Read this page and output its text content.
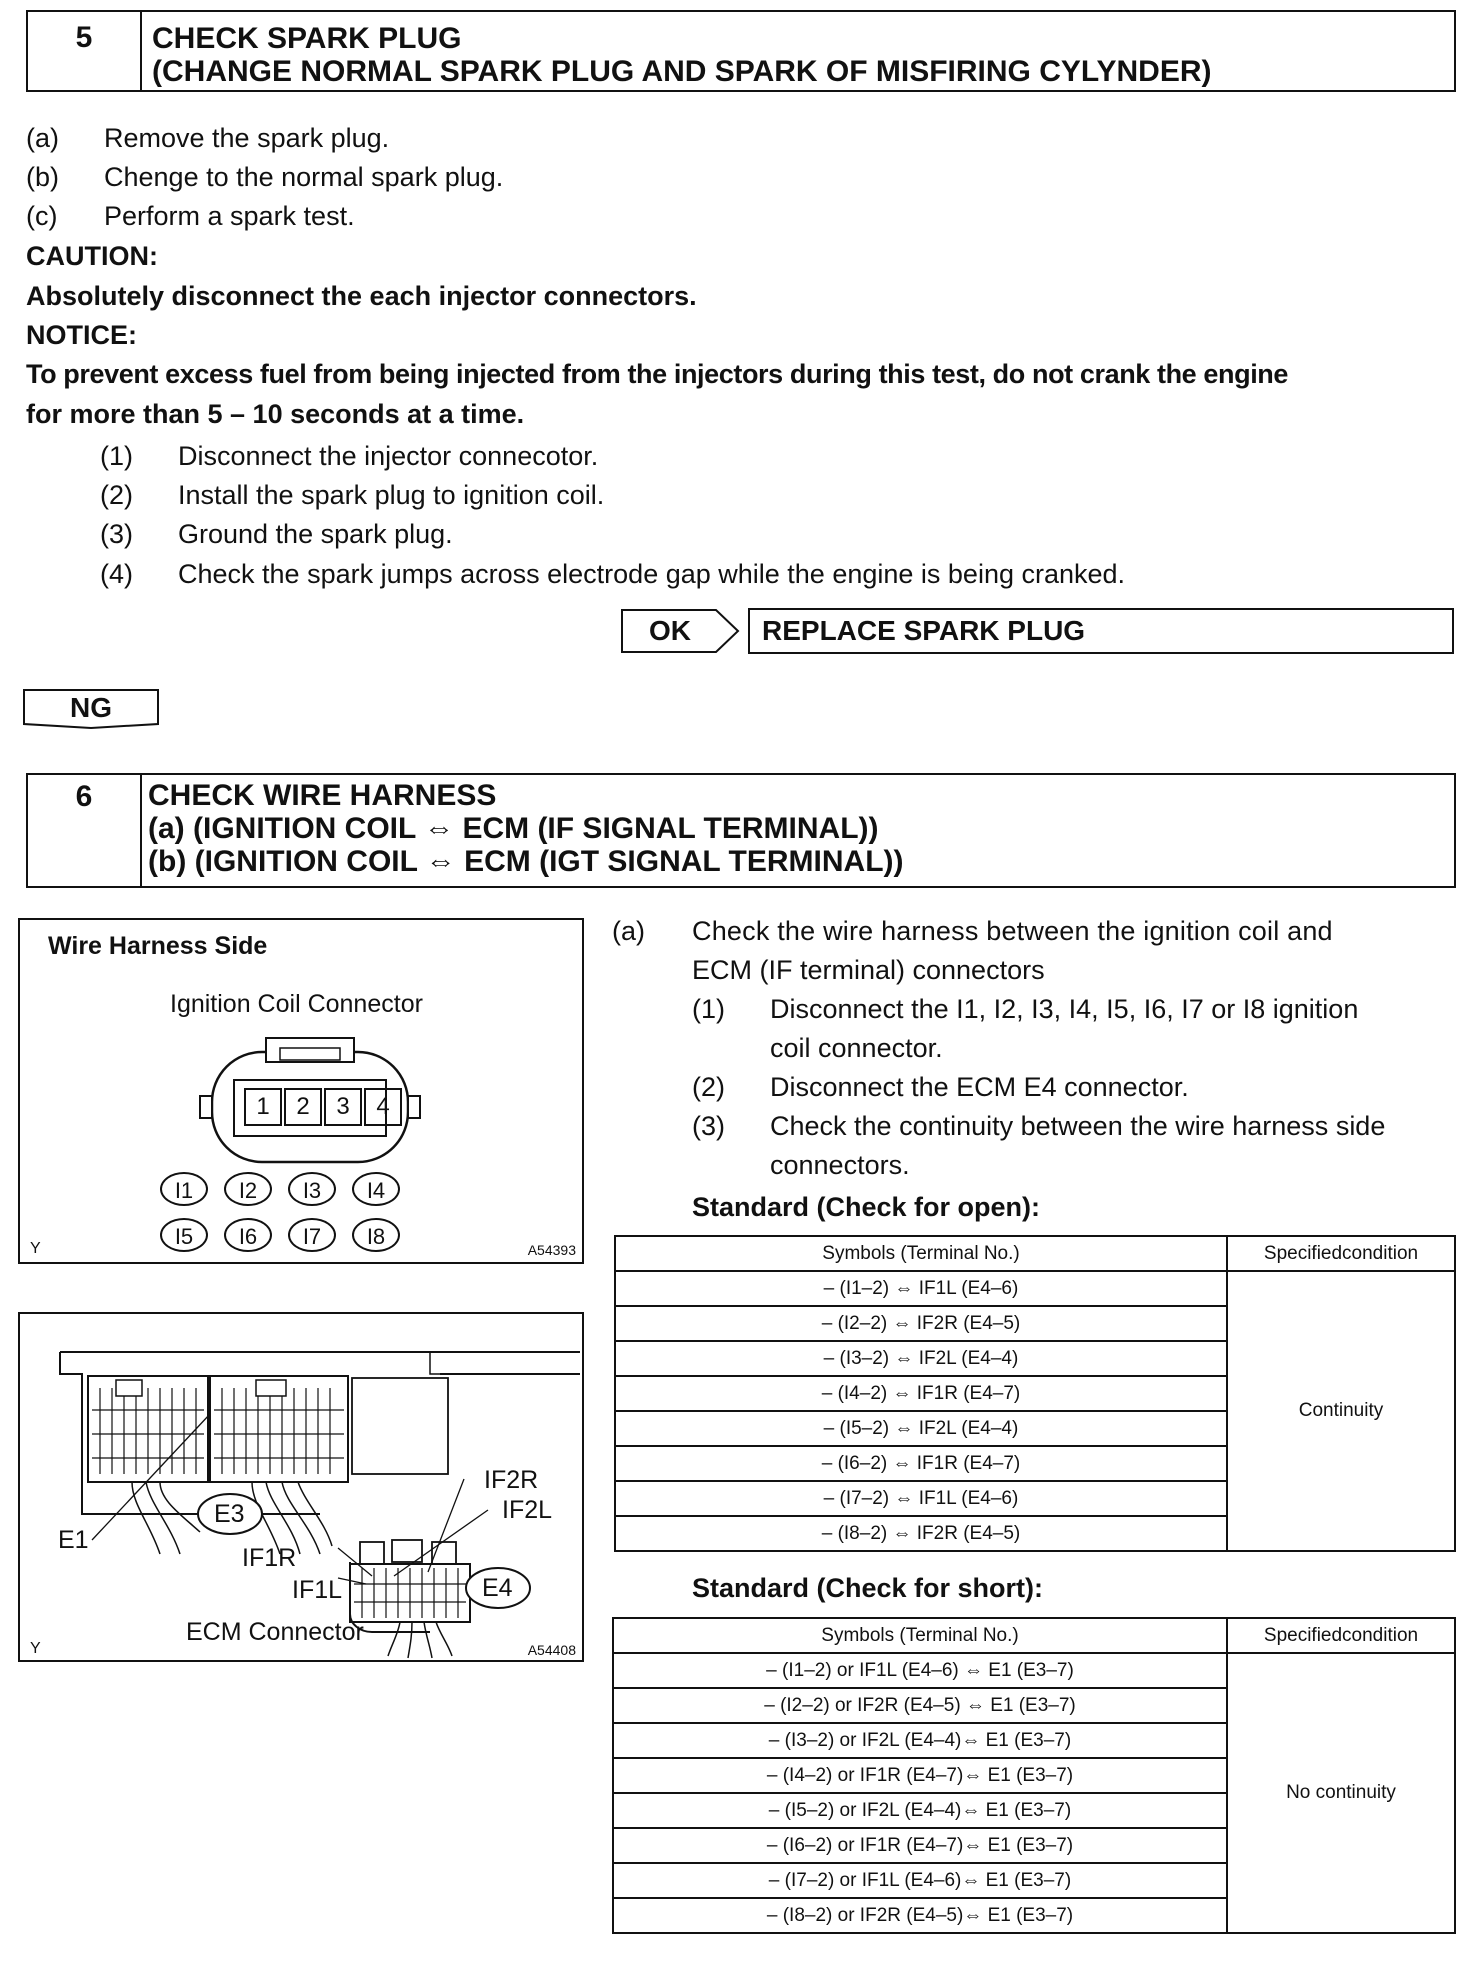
5	CHECK SPARK PLUG
(CHANGE NORMAL SPARK PLUG AND SPARK OF MISFIRING CYLYNDER)
(a) Remove the spark plug.
(b) Chenge to the normal spark plug.
(c) Perform a spark test.
CAUTION:
Absolutely disconnect the each injector connectors.
NOTICE:
To prevent excess fuel from being injected from the injectors during this test, do not crank the engine
for more than 5 – 10 seconds at a time.
(1) Disconnect the injector connecotor.
(2) Install the spark plug to ignition coil.
(3) Ground the spark plug.
(4) Check the spark jumps across electrode gap while the engine is being cranked.
OK	REPLACE SPARK PLUG
NG
6	CHECK WIRE HARNESS
(a) (IGNITION COIL ⇔ ECM (IF SIGNAL TERMINAL))
(b) (IGNITION COIL ⇔ ECM (IGT SIGNAL TERMINAL))
Wire Harness Side
Ignition Coil Connector
1	2	3	4
I1	I2	I3	I4
I5	I6	I7	I8
Y	A54393
E1
E3
IF2R
IF2L
IF1R
IF1L	E4
ECM Connector
Y	A54408
(a) Check the wire harness between the ignition coil and
ECM (IF terminal) connectors
(1) Disconnect the I1, I2, I3, I4, I5, I6, I7 or I8 ignition
coil connector.
(2) Disconnect the ECM E4 connector.
(3) Check the continuity between the wire harness side
connectors.
Standard (Check for open):
Symbols (Terminal No.)	Specifiedcondition
– (I1–2) ⇔ IF1L (E4–6)	Continuity
– (I2–2) ⇔ IF2R (E4–5)	
– (I3–2) ⇔ IF2L (E4–4)	
– (I4–2) ⇔ IF1R (E4–7)	
– (I5–2) ⇔ IF2L (E4–4)	
– (I6–2) ⇔ IF1R (E4–7)	
– (I7–2) ⇔ IF1L (E4–6)	
– (I8–2) ⇔ IF2R (E4–5)	
Standard (Check for short):
Symbols (Terminal No.)	Specifiedcondition
– (I1–2) or IF1L (E4–6) ⇔ E1 (E3–7)	No continuity
– (I2–2) or IF2R (E4–5) ⇔ E1 (E3–7)	
– (I3–2) or IF2L (E4–4)⇔ E1 (E3–7)	
– (I4–2) or IF1R (E4–7)⇔ E1 (E3–7)	
– (I5–2) or IF2L (E4–4)⇔ E1 (E3–7)	
– (I6–2) or IF1R (E4–7)⇔ E1 (E3–7)	
– (I7–2) or IF1L (E4–6)⇔ E1 (E3–7)	
– (I8–2) or IF2R (E4–5)⇔ E1 (E3–7)	
